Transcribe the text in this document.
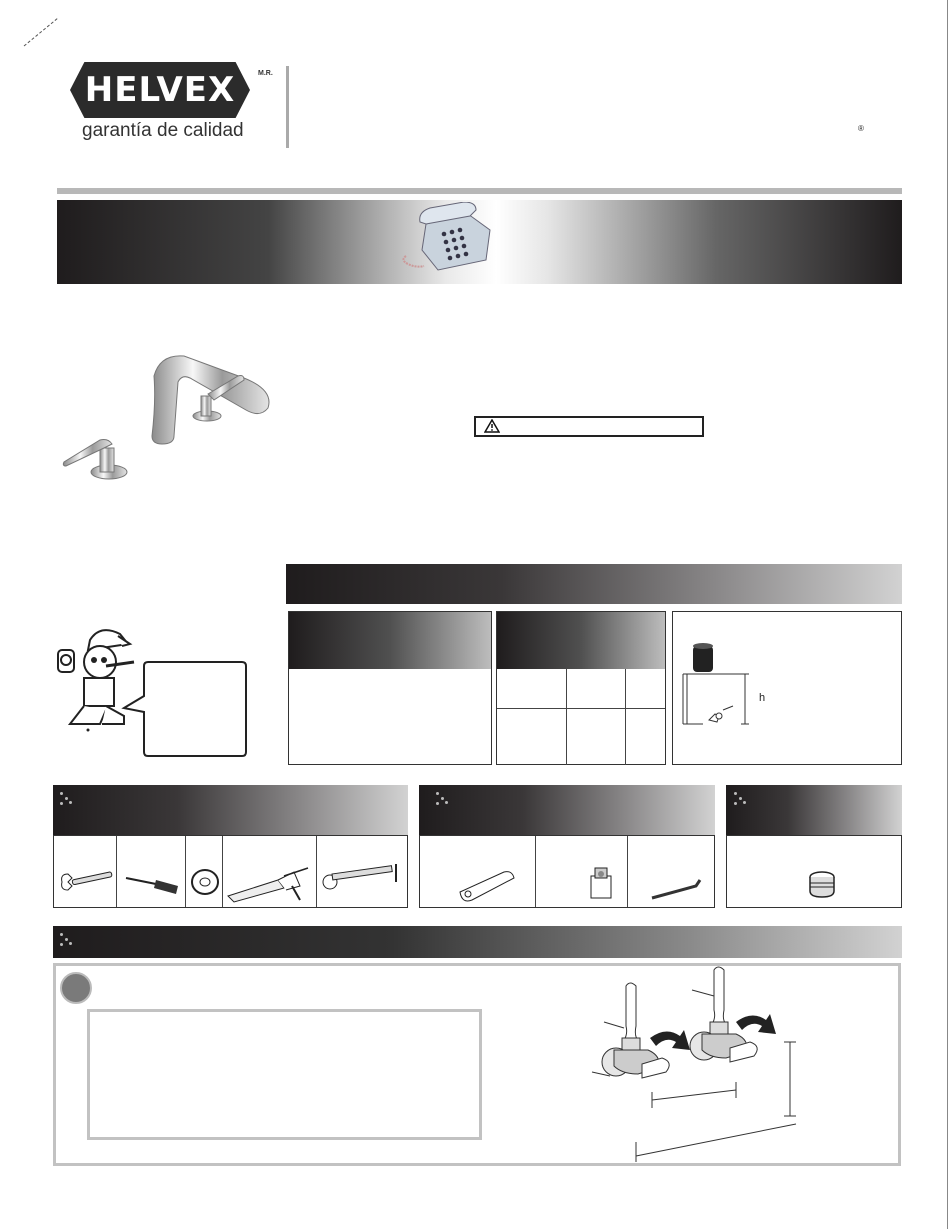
HELVEX
garantía de calidad
M.R.
®
h
